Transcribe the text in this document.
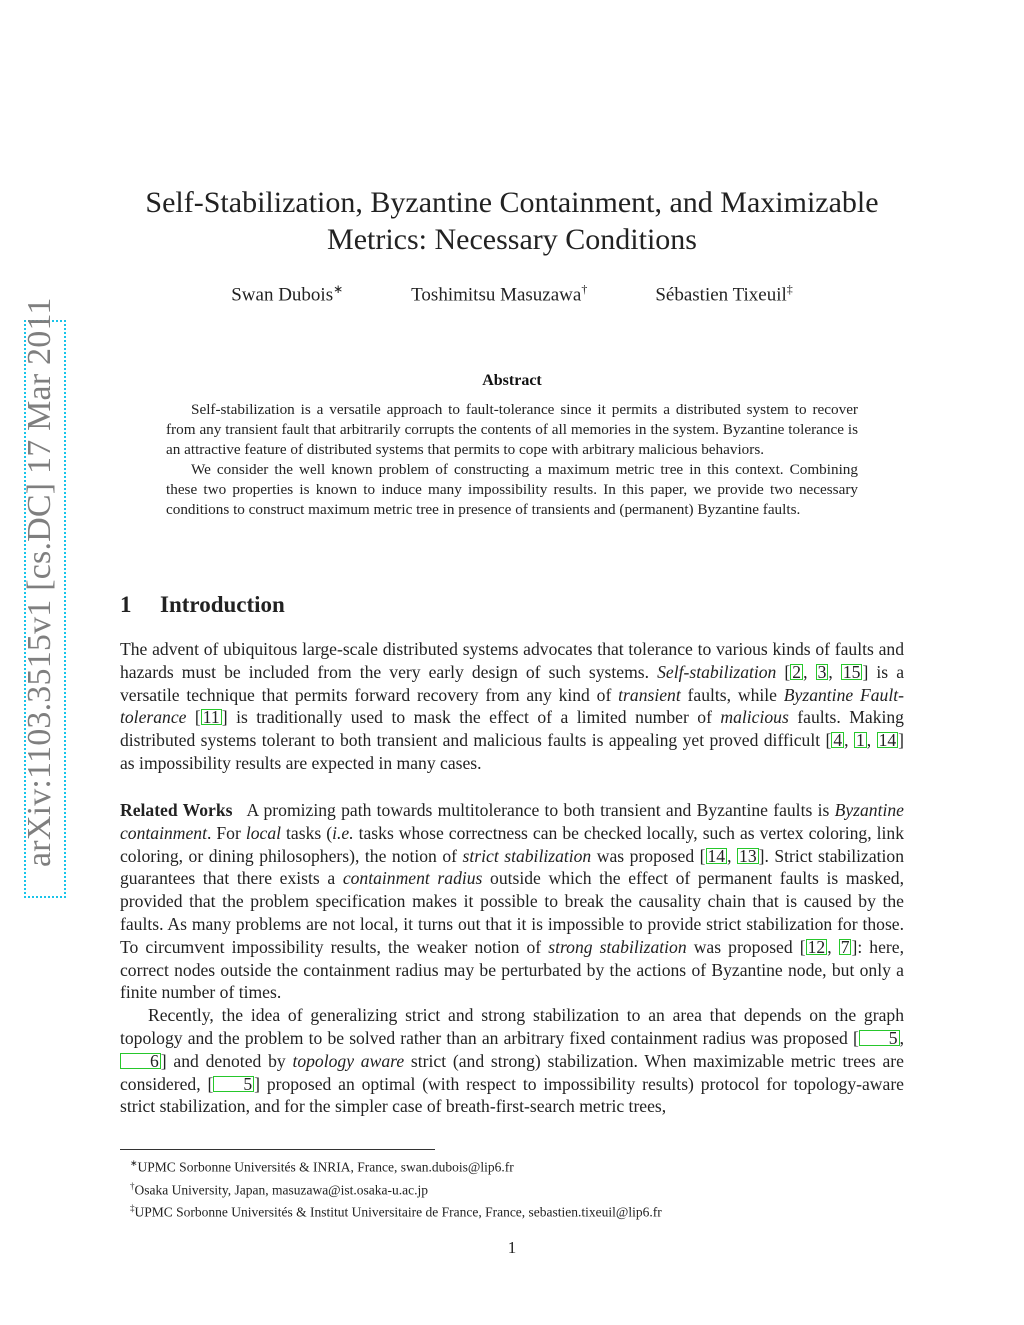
arXiv:1103.3515v1 [cs.DC] 17 Mar 2011
Self-Stabilization, Byzantine Containment, and Maximizable
Metrics: Necessary Conditions
Swan Dubois∗	Toshimitsu Masuzawa†	Sébastien Tixeuil‡
Abstract

Self-stabilization is a versatile approach to fault-tolerance since it permits a distributed system to recover from any transient fault that arbitrarily corrupts the contents of all memories in the system. Byzantine tolerance is an attractive feature of distributed systems that permits to cope with arbitrary malicious behaviors.

We consider the well known problem of constructing a maximum metric tree in this context. Combining these two properties is known to induce many impossibility results. In this paper, we provide two necessary conditions to construct maximum metric tree in presence of transients and (permanent) Byzantine faults.

1 Introduction

The advent of ubiquitous large-scale distributed systems advocates that tolerance to various kinds of faults and hazards must be included from the very early design of such systems. Self-stabilization [ 2 , 3 , 15 ] is a versatile technique that permits forward recovery from any kind of transient faults, while Byzantine Fault-tolerance [ 11 ] is traditionally used to mask the effect of a limited number of malicious faults. Making distributed systems tolerant to both transient and malicious faults is appealing yet proved difficult [ 4 , 1 , 14 ] as impossibility results are expected in many cases.

Related Works A promizing path towards multitolerance to both transient and Byzantine faults is Byzantine containment. For local tasks (i.e. tasks whose correctness can be checked locally, such as vertex coloring, link coloring, or dining philosophers), the notion of strict stabilization was proposed [ 14 , 13 ]. Strict stabilization guarantees that there exists a containment radius outside which the effect of permanent faults is masked, provided that the problem specification makes it possible to break the causality chain that is caused by the faults. As many problems are not local, it turns out that it is impossible to provide strict stabilization for those. To circumvent impossibility results, the weaker notion of strong stabilization was proposed [ 12 , 7 ]: here, correct nodes outside the containment radius may be perturbated by the actions of Byzantine node, but only a finite number of times.

Recently, the idea of generalizing strict and strong stabilization to an area that depends on the graph topology and the problem to be solved rather than an arbitrary fixed containment radius was proposed [ 5 , 6 ] and denoted by topology aware strict (and strong) stabilization. When maximizable metric trees are considered, [ 5 ] proposed an optimal (with respect to impossibility results) protocol for topology-aware strict stabilization, and for the simpler case of breath-first-search metric trees,

∗UPMC Sorbonne Universités & INRIA, France, swan.dubois@lip6.fr
†Osaka University, Japan, masuzawa@ist.osaka-u.ac.jp
‡UPMC Sorbonne Universités & Institut Universitaire de France, France, sebastien.tixeuil@lip6.fr
1
